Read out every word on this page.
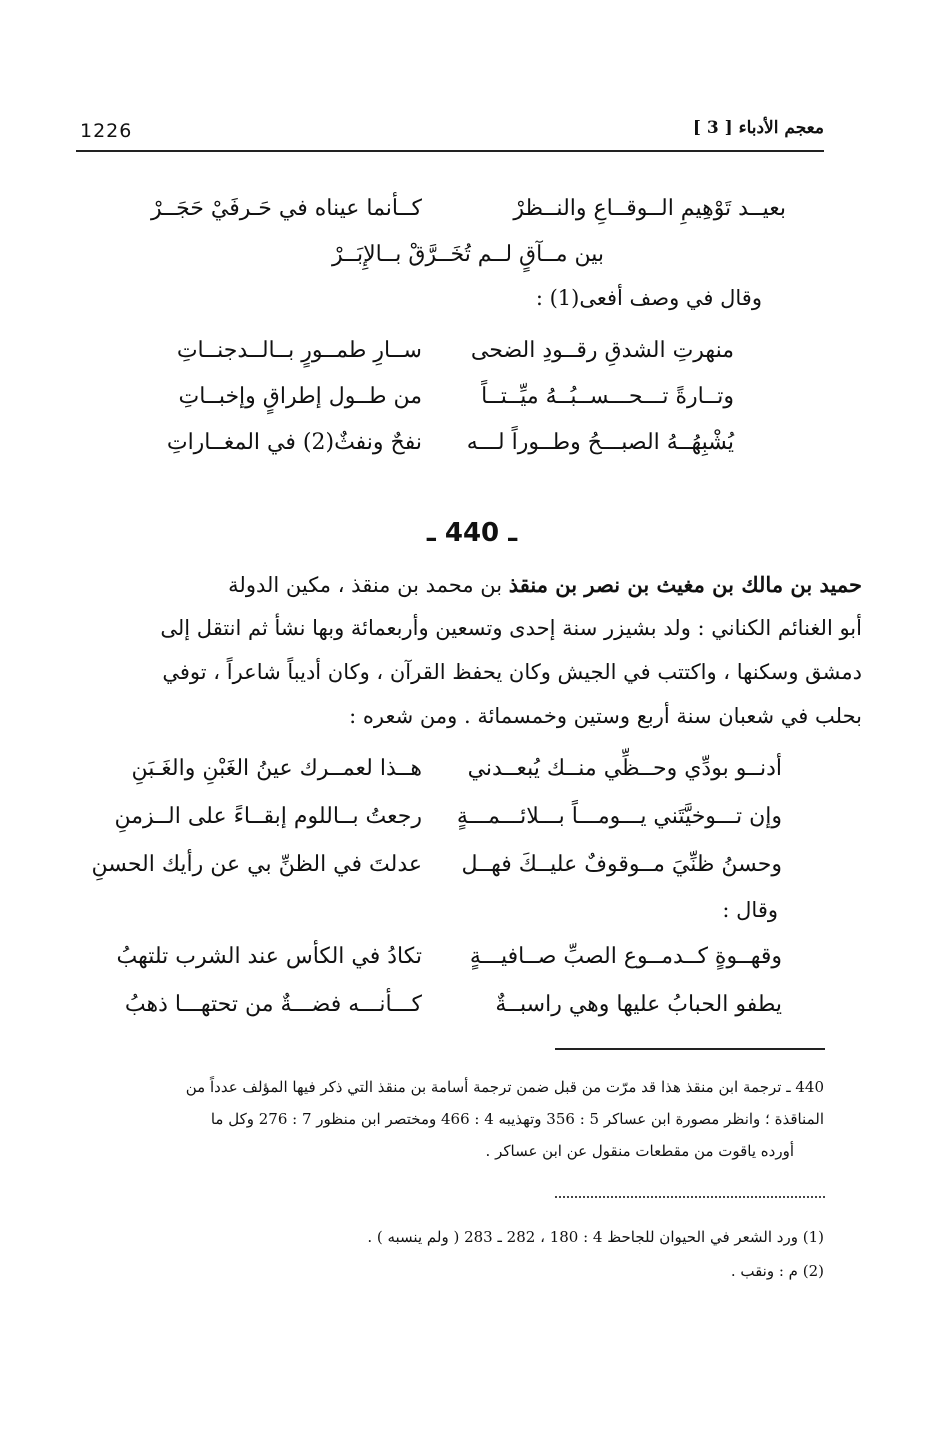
1226	معجم الأدباء [ 3 ]
بعيــد تَوْهِيمِ الــوقــاعِ والنــظرْ
كــأنما عيناه في حَـرفَيْ حَجَــرْ
بين مــآقٍ لــم تُخَــرَّقْ بــالإِبَــرْ
وقال في وصف أفعى(1) :
منهرتِ الشدقِ رقــودِ الضحى
ســارِ طمــورٍ بــالــدجنــاتِ
وتــارةً تـــحـــســبُــهُ ميِّــتــاً
من طــول إطراقٍ وإخبــاتِ
يُشْبِهُــهُ الصبـــحُ وطــوراً لـــه
نفحٌ ونفثٌ(2) في المغــاراتِ
ـ 440 ـ
حميد بن مالك بن مغيث بن نصر بن منقذ بن محمد بن منقذ ، مكين الدولة
أبو الغنائم الكناني : ولد بشيزر سنة إحدى وتسعين وأربعمائة وبها نشأ ثم انتقل إلى
دمشق وسكنها ، واكتتب في الجيش وكان يحفظ القرآن ، وكان أديباً شاعراً ، توفي
بحلب في شعبان سنة أربع وستين وخمسمائة . ومن شعره :
أدنــو بودِّي وحــظِّي منــك يُبعــدني
هــذا لعمــرك عينُ الغَبْنِ والغَـبَنِ
وإن تـــوخيَّتَني يـــومـــاً بـــلائـــمـــةٍ
رجعتُ بــاللوم إبقــاءً على الــزمنِ
وحسنُ ظنِّيَ مــوقوفٌ عليــكَ فهــل
عدلتَ في الظنِّ بي عن رأيك الحسنِ
وقال :
وقهــوةٍ كــدمــوع الصبِّ صــافيـــةٍ
تكادُ في الكأس عند الشرب تلتهبُ
يطفو الحبابُ عليها وهي راسبــةٌ
كـــأنـــه فضـــةٌ من تحتهـــا ذهبُ
440 ـ ترجمة ابن منقذ هذا قد مرّت من قبل ضمن ترجمة أسامة بن منقذ التي ذكر فيها المؤلف عدداً من
المناقذة ؛ وانظر مصورة ابن عساكر 5 : 356 وتهذيبه 4 : 466 ومختصر ابن منظور 7 : 276 وكل ما
أورده ياقوت من مقطعات منقول عن ابن عساكر .
(1) ورد الشعر في الحيوان للجاحظ 4 : 180 ، 282 ـ 283 ( ولم ينسبه ) .
(2) م : ونقب .
